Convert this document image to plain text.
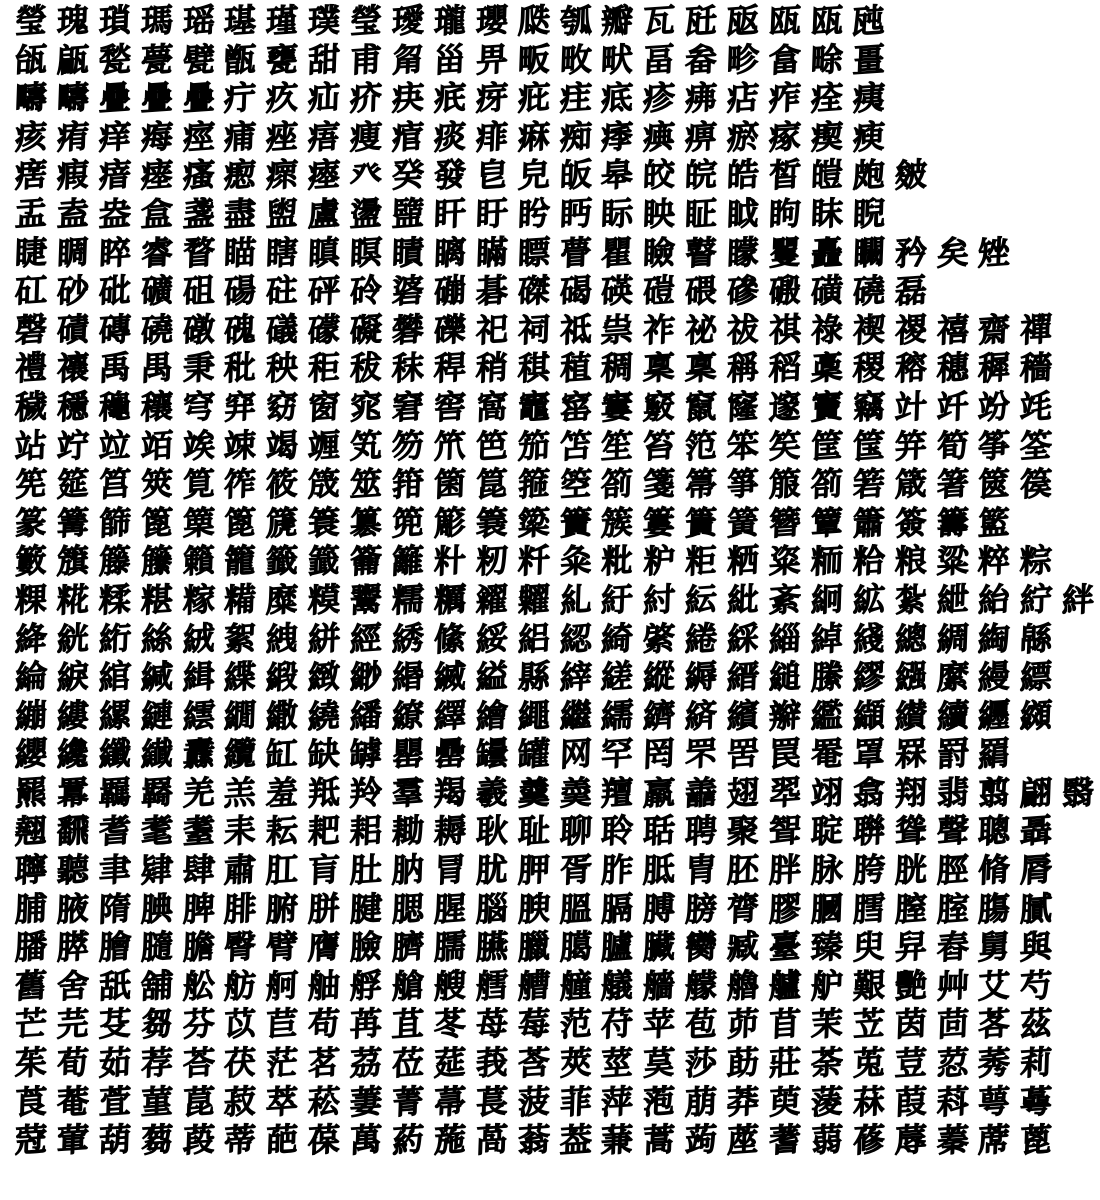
瑩 瑰 瑣 瑪 瑶 璂 瑾 璞 瑩 璦 瓏 瓔 瓞 瓠 瓣 瓦 瓩 瓪 瓯 瓯 瓲
瓵 甂 甃 甍 甓 甑 甕 甜 甫 甮 甾 畀 畈 畋 畎 畐 畚 畛 畣 畭 畺
疇 疇 疊 疊 疊 疔 疚 疝 疥 疦 疧 疨 疪 疰 疷 疹 疿 痁 痄 痊 痍
痎 痏 痒 痗 痙 痡 痤 痦 痩 痯 痰 痱 痳 痴 痵 痶 痹 瘀 瘃 瘈 瘐
瘔 瘕 瘖 瘗 瘙 瘛 瘝 瘞 癶 癸 發 皀 皃 皈 皋 皎 皖 皓 皙 皚 皰 皴
盂 盍 盎 盒 盞 盡 盥 盧 盪 盬 盰 盱 盻 眄 眎 眏 眐 眓 眗 眜 睨
睫 睭 睟 睿 瞀 瞄 瞎 瞋 瞑 瞔 瞝 瞞 瞟 瞢 瞿 瞼 瞽 矇 矍 矗 矙 矜 矣 矬
矼 砂 砒 礦 砠 碭 砫 砰 砱 碆 磞 碁 磔 碣 碤 磑 碨 磣 磤 磺 磽 磊
磬 磧 磚 磽 礅 磈 礒 礞 礙 礬 礫 祀 祠 祗 祟 祚 祕 祓 祺 祿 禊 禝 禧 齋 禪
禮 禳 禹 禺 秉 秕 秧 秬 秡 秣 稈 稍 稘 稙 稠 稟 稟 稱 稻 稾 稷 穃 穗 穉 穡
穢 穩 龝 穰 穹 穽 窈 窗 窕 窘 窖 窩 竈 窰 窶 竅 竄 窿 邃 竇 竊 竍 竏 竕 竓
站 竚 竝 竡 竢 竦 竭 竰 笂 笏 笊 笆 笳 笘 笙 笞 笵 笨 笶 筐 筺 笄 筍 筝 筌
筅 筵 筥 筴 筧 筰 筱 筬 筮 箝 箘 箟 箍 箜 箚 箋 箒 箏 箙 箚 箬 箴 箸 篋 篌
篆 篝 篩 篦 篥 篦 篪 簑 簒 篼 簓 簔 簗 簀 簇 簍 簣 簧 簪 簟 簫 簽 籌 籃
籔 籏 籐 籘 籟 籠 籤 籖 籥 籬 籵 籾 粁 粂 粃 粐 粔 粞 粢 粫 粭 粮 粱 粹 粽
粿 糀 糅 糂 糘 糒 糜 糢 鬻 糯 糲 糴 糶 糺 紆 紂 紜 紕 紊 絅 絋 紮 紲 紿 紵 絆
絳 絖 絎 絲 絨 絮 絏 絣 經 綉 絛 綏 絽 綛 綺 綮 綣 綵 緇 綽 綫 總 綢 綯 緜
綸 綟 綰 緘 緝 緤 緞 緻 緲 緡 縅 縊 縣 縡 縒 縱 縟 縉 縋 縢 繆 繦 縻 縵 縹
繃 縷 縲 縺 繧 繝 繖 繞 繙 繚 繹 繪 繩 繼 繻 纃 緕 繽 辮 繿 纈 纉 續 纒 纐
纓 纔 纖 纎 纛 纜 缸 缺 罅 罌 罍 罎 罐 网 罕 罔 罘 罟 罠 罨 罩 罧 罸 羂
羆 羃 羈 羇 羌 羔 羞 羝 羚 羣 羯 羲 羹 羮 羶 羸 譱 翅 翆 翊 翕 翔 翡 翦 翩 翳
翹 飜 耆 耄 耋 耒 耘 耙 耜 耡 耨 耿 耻 聊 聆 聒 聘 聚 聟 聢 聨 聳 聲 聰 聶
聹 聽 聿 肄 肆 肅 肛 肓 肚 肭 冐 肬 胛 胥 胙 胝 胄 胚 胖 脉 胯 胱 脛 脩 脣
脯 腋 隋 腆 脾 腓 腑 胼 腱 腮 腥 腦 腴 膃 膈 膊 膀 膂 膠 膕 膤 膣 腟 膓 膩
膰 膵 膾 膸 膽 臀 臂 膺 臉 臍 臑 臙 臘 臈 臚 臟 臠 臧 臺 臻 臾 舁 舂 舅 與
舊 舍 舐 舖 舩 舫 舸 舳 艀 艙 艘 艝 艚 艟 艤 艢 艨 艪 艫 舮 艱 艷 艸 艾 芍
芒 芫 芟 芻 芬 苡 苣 苟 苒 苴 苳 苺 莓 范 苻 苹 苞 茆 苜 茉 苙 茵 茴 茖 茲
茱 荀 茹 荐 荅 茯 茫 茗 茘 莅 莚 莪 莟 莢 莖 茣 莎 莇 莊 荼 莵 荳 荵 莠 莉
莨 菴 萓 菫 菎 菽 萃 菘 萋 菁 菷 萇 菠 菲 萍 萢 萠 莽 萸 蔆 菻 葭 萪 萼 蕚
蒄 葷 葫 蒭 葮 蒂 葩 葆 萬 葯 葹 萵 蓊 葢 蒹 蒿 蒟 蓙 蓍 蒻 蓚 蓐 蓁 蓆 蓖
